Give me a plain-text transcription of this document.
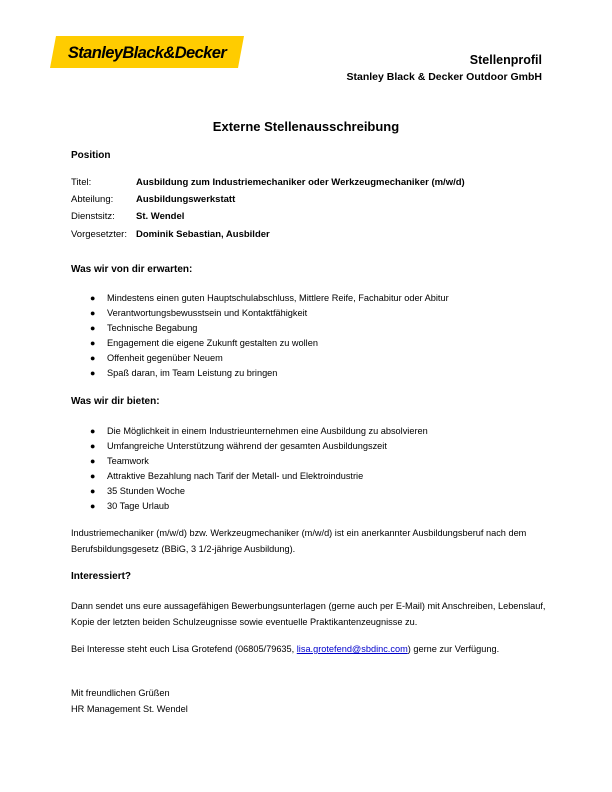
StanleyBlack&Decker	Stellenprofil
Stanley Black & Decker Outdoor GmbH
Externe Stellenausschreibung
Position
Titel:	Ausbildung zum Industriemechaniker oder Werkzeugmechaniker (m/w/d)
Abteilung: Ausbildungswerkstatt
Dienstsitz: St. Wendel
Vorgesetzter: Dominik Sebastian, Ausbilder
Was wir von dir erwarten:
● Mindestens einen guten Hauptschulabschluss, Mittlere Reife, Fachabitur oder Abitur
● Verantwortungsbewusstsein und Kontaktfähigkeit
● Technische Begabung
● Engagement die eigene Zukunft gestalten zu wollen
● Offenheit gegenüber Neuem
● Spaß daran, im Team Leistung zu bringen
Was wir dir bieten:
● Die Möglichkeit in einem Industrieunternehmen eine Ausbildung zu absolvieren
● Umfangreiche Unterstützung während der gesamten Ausbildungszeit
● Teamwork
● Attraktive Bezahlung nach Tarif der Metall- und Elektroindustrie
● 35 Stunden Woche
● 30 Tage Urlaub
Industriemechaniker (m/w/d) bzw. Werkzeugmechaniker (m/w/d) ist ein anerkannter Ausbildungsberuf nach dem Berufsbildungsgesetz (BBiG, 3 1/2-jährige Ausbildung).
Interessiert?
Dann sendet uns eure aussagefähigen Bewerbungsunterlagen (gerne auch per E-Mail) mit Anschreiben, Lebenslauf, Kopie der letzten beiden Schulzeugnisse sowie eventuelle Praktikantenzeugnisse zu.
Bei Interesse steht euch Lisa Grotefend (06805/79635, lisa.grotefend@sbdinc.com) gerne zur Verfügung.
Mit freundlichen Grüßen
HR Management St. Wendel
